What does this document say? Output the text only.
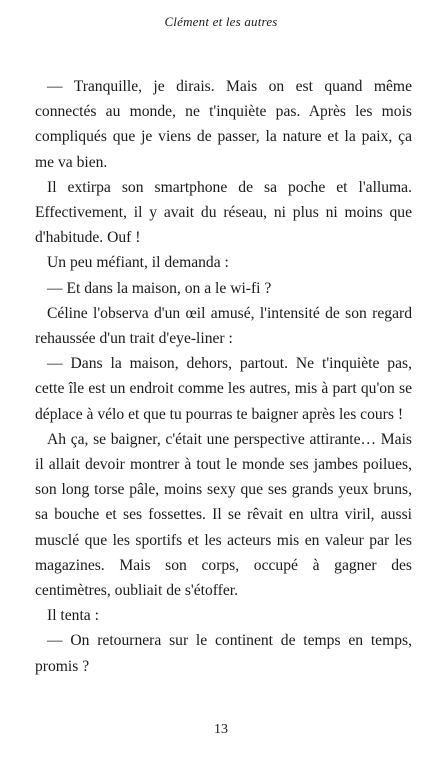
Clément et les autres

— Tranquille, je dirais. Mais on est quand même connectés au monde, ne t'inquiète pas. Après les mois compliqués que je viens de passer, la nature et la paix, ça me va bien.

Il extirpa son smartphone de sa poche et l'alluma. Effectivement, il y avait du réseau, ni plus ni moins que d'habitude. Ouf !

Un peu méfiant, il demanda :

— Et dans la maison, on a le wi-fi ?

Céline l'observa d'un œil amusé, l'intensité de son regard rehaussée d'un trait d'eye-liner :

— Dans la maison, dehors, partout. Ne t'inquiète pas, cette île est un endroit comme les autres, mis à part qu'on se déplace à vélo et que tu pourras te baigner après les cours !

Ah ça, se baigner, c'était une perspective attirante… Mais il allait devoir montrer à tout le monde ses jambes poilues, son long torse pâle, moins sexy que ses grands yeux bruns, sa bouche et ses fossettes. Il se rêvait en ultra viril, aussi musclé que les sportifs et les acteurs mis en valeur par les magazines. Mais son corps, occupé à gagner des centimètres, oubliait de s'étoffer.

Il tenta :

— On retournera sur le continent de temps en temps, promis ?

13
